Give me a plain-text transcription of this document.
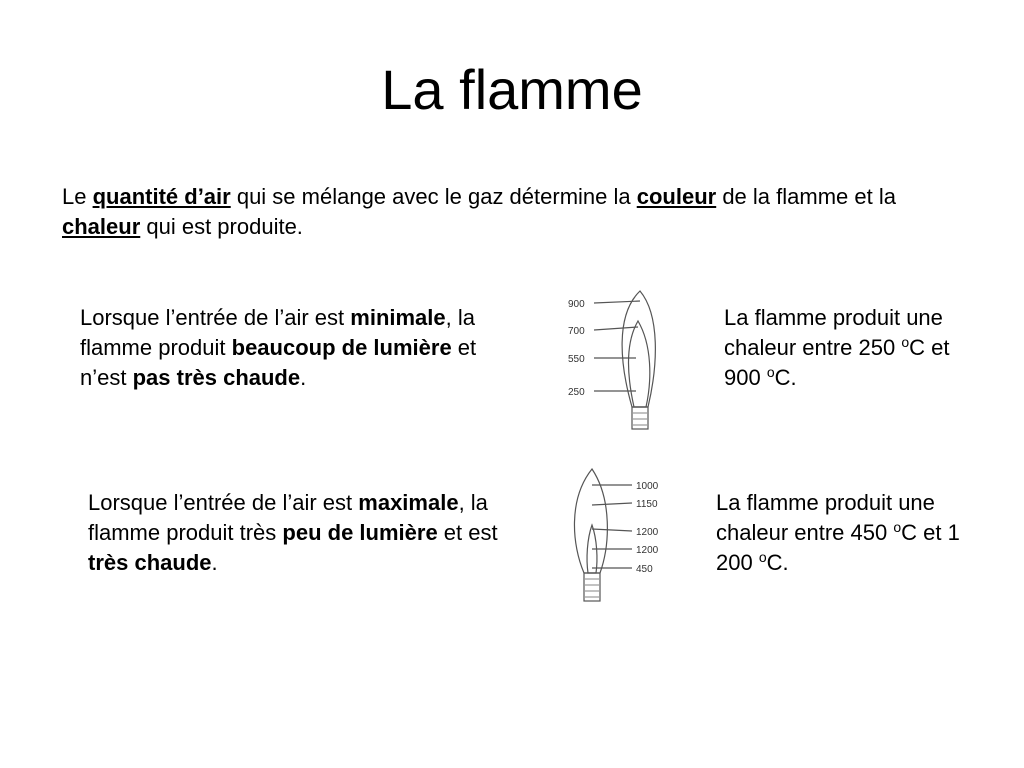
La flamme

Le quantité d’air qui se mélange avec le gaz détermine la couleur de la flamme et la chaleur qui est produite.

Lorsque l’entrée de l’air est minimale, la flamme produit beaucoup de lumière et n’est pas très chaude.

900
700
550
250

La flamme produit une chaleur entre 250 $^o$C et 900 $^o$C.

Lorsque l’entrée de l’air est maximale, la flamme produit très peu de lumière et est très chaude.

1000
1150
1200
1200
450

La flamme produit une chaleur entre 450 $^o$C et 1 200 $^o$C.
